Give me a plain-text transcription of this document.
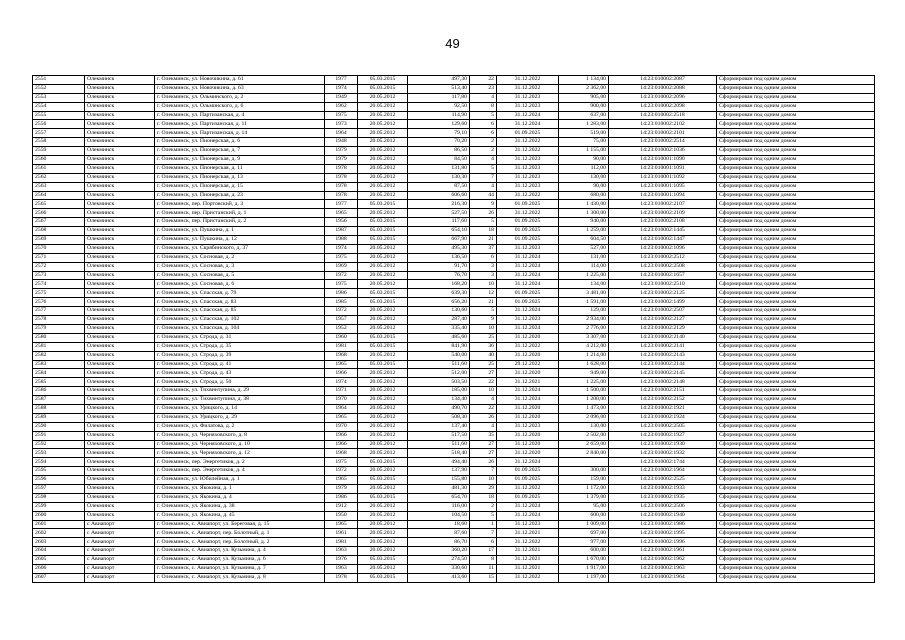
49
2551	Олекминск	г. Олекминск, ул. Новочикина, д. 61	1977	05.03.2015	497,30	22	31.12.2022	1 134,00	14:23:010002:2087	Сформирован под одним домом
2552	Олекминск	г. Олекминск, ул. Новочикина, д. 63	1974	05.03.2015	513,40	23	31.12.2022	2 362,00	14:23:010002:2088	Сформирован под одним домом
2553	Олекминск	г. Олекминск, ул. Ольминского, д. 2	1949	20.05.2012	117,80	4	31.12.2023	905,00	14:23:010002:2096	Сформирован под одним домом
2554	Олекминск	г. Олекминск, ул. Ольминского, д. 6	1962	20.05.2012	92,50	8	31.12.2023	900,00	14:23:010002:2098	Сформирован под одним домом
2555	Олекминск	г. Олекминск, ул. Партизанская, д. 4	1975	20.05.2012	114,90	5	31.12.2024	637,00	14:23:010002:2518	Сформирован под одним домом
2556	Олекминск	г. Олекминск, ул. Партизанская, д. 11	1973	20.05.2012	129,60	6	31.12.2024	1 283,00	14:23:010002:2102	Сформирован под одним домом
2557	Олекминск	г. Олекминск, ул. Партизанская, д. 14	1964	20.05.2012	79,10	6	01.09.2025	519,00	14:23:010002:2101	Сформирован под одним домом
2558	Олекминск	г. Олекминск, ул. Пионерская, д. 6	1948	20.05.2012	70,20	2	31.12.2022	75,00	14:23:010002:2514	Сформирован под одним домом
2559	Олекминск	г. Олекминск, ул. Пионерская, д. 7	1979	20.05.2012	86,50	2	31.12.2022	1 155,00	14:23:010002:1036	Сформирован под одним домом
2560	Олекминск	г. Олекминск, ул. Пионерская, д. 9	1979	20.05.2012	84,50	4	31.12.2023	90,00	14:23:010001:1090	Сформирован под одним домом
2561	Олекминск	г. Олекминск, ул. Пионерская, д. 11	1978	20.05.2012	131,80	5	31.12.2023	112,00	14:23:010001:1091	Сформирован под одним домом
2562	Олекминск	г. Олекминск, ул. Пионерская, д. 13	1978	20.05.2012	130,30	7	31.12.2023	130,00	14:23:010001:1092	Сформирован под одним домом
2563	Олекминск	г. Олекминск, ул. Пионерская, д. 15	1978	20.05.2012	87,50	4	31.12.2023	90,00	14:23:010001:1095	Сформирован под одним домом
2564	Олекминск	г. Олекминск, ул. Пионерская, д. 23	1978	20.05.2012	606,60	44	31.12.2022	680,00	14:23:010001:1094	Сформирован под одним домом
2565	Олекминск	г. Олекминск, пер. Портовский, д. 3	1977	05.03.2015	216,30	9	01.09.2025	1 430,00	14:23:010002:2107	Сформирован под одним домом
2566	Олекминск	г. Олекминск, пер. Пристанский, д. 1	1965	20.05.2012	527,50	26	31.12.2022	1 300,00	14:23:010002:2109	Сформирован под одним домом
2567	Олекминск	г. Олекминск, пер. Пристанский, д. 2	1956	05.03.2015	117,60	5	01.09.2025	940,00	14:23:010002:2108	Сформирован под одним домом
2568	Олекминск	г. Олекминск, ул. Пушкина, д. 1	1987	05.03.2015	654,10	18	01.09.2025	1 259,00	14:23:010002:1445	Сформирован под одним домом
2569	Олекминск	г. Олекминск, ул. Пушкина, д. 12	1988	05.03.2015	667,90	21	01.09.2025	604,50	14:23:010002:1447	Сформирован под одним домом
2570	Олекминск	г. Олекминск, ул. Скрябинского, д. 37	1974	20.05.2012	495,30	37	31.12.2023	527,00	14:23:010002:1096	Сформирован под одним домом
2571	Олекминск	г. Олекминск, ул. Сосновая, д. 2	1975	20.05.2012	136,50	6	31.12.2024	131,00	14:23:010002:2512	Сформирован под одним домом
2572	Олекминск	г. Олекминск, ул. Сосновая, д. 3	1969	20.05.2012	91,70	3	31.12.2024	114,00	14:23:010002:2508	Сформирован под одним домом
2573	Олекминск	г. Олекминск, ул. Сосновая, д. 5	1972	20.05.2012	76,70	3	31.12.2024	1 225,00	14:23:010002:1657	Сформирован под одним домом
2574	Олекминск	г. Олекминск, ул. Сосновая, д. 6	1975	20.05.2012	168,20	10	31.12.2024	134,00	14:23:010002:2510	Сформирован под одним домом
2575	Олекминск	г. Олекминск, ул. Спасская, д. 79	1986	05.03.2015	639,30	12	01.09.2025	3 481,00	14:23:010002:2125	Сформирован под одним домом
2576	Олекминск	г. Олекминск, ул. Спасская, д. 83	1985	05.03.2015	656,20	21	01.09.2025	1 591,00	14:23:010002:1499	Сформирован под одним домом
2577	Олекминск	г. Олекминск, ул. Спасская, д. 85	1972	20.05.2012	130,60	5	31.12.2024	129,00	14:23:010002:2507	Сформирован под одним домом
2578	Олекминск	г. Олекминск, ул. Спасская, д. 102	1957	20.05.2012	287,40	9	31.12.2023	2 934,00	14:23:010002:2127	Сформирован под одним домом
2579	Олекминск	г. Олекминск, ул. Спасская, д. 104	1952	20.05.2012	335,40	10	31.12.2024	2 776,00	14:23:010002:2129	Сформирован под одним домом
2580	Олекминск	г. Олекминск, ул. Строда, д. 31	1960	05.03.2015	485,60	25	31.12.2020	3 307,00	14:23:010002:2140	Сформирован под одним домом
2581	Олекминск	г. Олекминск, ул. Строда, д. 35	1981	05.03.2015	841,90	36	31.12.2022	4 212,00	14:23:010002:2141	Сформирован под одним домом
2582	Олекминск	г. Олекминск, ул. Строда, д. 39	1968	20.05.2012	540,00	40	31.12.2020	1 214,00	14:23:010002:2143	Сформирован под одним домом
2583	Олекминск	г. Олекминск, ул. Строда, д. 41	1965	05.03.2015	511,60	25	29.12.2022	1 628,00	14:23:010002:2144	Сформирован под одним домом
2584	Олекминск	г. Олекминск, ул. Строда, д. 43	1966	20.05.2012	512,00	27	31.12.2020	949,00	14:23:010002:2145	Сформирован под одним домом
2585	Олекминск	г. Олекминск, ул. Строда, д. 50	1974	20.05.2012	503,50	22	31.12.2021	1 225,00	14:23:010002:2148	Сформирован под одним домом
2586	Олекминск	г. Олекминск, ул. Тихвинтупина, д. 29	1971	20.05.2012	185,00	10	31.12.2024	1 500,00	14:23:010002:2151	Сформирован под одним домом
2587	Олекминск	г. Олекминск, ул. Тихвинтупина, д. 38	1970	20.05.2012	134,40	4	31.12.2024	1 200,00	14:23:010002:2152	Сформирован под одним домом
2588	Олекминск	г. Олекминск, ул. Урицкого, д. 14	1964	20.05.2012	490,70	22	31.12.2020	1 473,00	14:23:010002:1921	Сформирован под одним домом
2589	Олекминск	г. Олекминск, ул. Урицкого, д. 29	1965	20.05.2012	508,30	26	31.12.2020	2 096,00	14:23:010002:1924	Сформирован под одним домом
2590	Олекминск	г. Олекминск, ул. Филатова, д. 2	1970	20.05.2012	137,40	4	31.12.2023	130,00	14:23:010002:2505	Сформирован под одним домом
2591	Олекминск	г. Олекминск, ул. Черняховского, д. 8	1966	20.05.2012	517,50	35	31.12.2020	2 502,00	14:23:010002:1927	Сформирован под одним домом
2592	Олекминск	г. Олекминск, ул. Черняховского, д. 10	1966	20.05.2012	511,60	27	31.12.2020	2 659,00	14:23:010002:1930	Сформирован под одним домом
2593	Олекминск	г. Олекминск, ул. Черняховского, д. 12	1968	20.05.2012	518,40	27	31.12.2020	2 840,00	14:23:010002:1932	Сформирован под одним домом
2594	Олекминск	г. Олекминск, пер. Энергетиков, д. 2	1975	05.03.2015	494,40	26	31.12.2024		14:23:010002:1744	Сформирован под одним домом
2595	Олекминск	г. Олекминск, пер. Энергетиков, д. 4	1972	20.05.2012	137,90	7	01.09.2025	300,00	14:23:010002:1964	Сформирован под одним домом
2596	Олекминск	г. Олекминск, ул. Юбилейная, д. 1	1965	05.03.2015	155,80	10	01.09.2025	159,00	14:23:010002:2525	Сформирован под одним домом
2597	Олекминск	г. Олекминск, ул. Якокина, д. 1	1979	20.05.2012	481,30	29	31.12.2022	1 172,00	14:23:010002:1933	Сформирован под одним домом
2598	Олекминск	г. Олекминск, ул. Якокина, д. 4	1986	05.03.2015	654,70	18	01.09.2025	1 379,00	14:23:010002:1935	Сформирован под одним домом
2599	Олекминск	г. Олекминск, ул. Якокина, д. 38	1912	20.05.2012	116,00	2	31.12.2024	95,00	14:23:010002:2506	Сформирован под одним домом
2600	Олекминск	г. Олекминск, ул. Якокина, д. 45	1950	20.05.2012	104,50	5	31.12.2024	600,00	14:23:010002:1940	Сформирован под одним домом
2601	с Авиапорт	г. Олекминск, с. Авиапорт, ул. Береговая, д. 15	1965	20.05.2012	18,60	1	31.12.2023	1 009,00	14:23:010002:1986	Сформирован под одним домом
2602	с Авиапорт	г. Олекминск, с. Авиапорт, пер. Болотный, д. 1	1961	20.05.2012	87,60	7	31.12.2021	697,00	14:23:010002:1995	Сформирован под одним домом
2603	с Авиапорт	г. Олекминск, с. Авиапорт, пер. Болотный, д. 2	1981	20.05.2012	86,70	6	31.12.2022	977,00	14:23:010002:1996	Сформирован под одним домом
2604	с Авиапорт	г. Олекминск, с. Авиапорт, ул. Кузьмина, д. 4	1963	20.05.2012	360,20	17	31.12.2021	600,00	14:23:010002:1961	Сформирован под одним домом
2605	с Авиапорт	г. Олекминск, с. Авиапорт, ул. Кузьмина, д. 6	1976	05.03.2015	274,50	8	31.12.2021	1 670,00	14:23:010002:1962	Сформирован под одним домом
2606	с Авиапорт	г. Олекминск, с. Авиапорт, ул. Кузьмина, д. 7	1963	20.05.2012	330,60	11	31.12.2021	1 917,00	14:23:010002:1963	Сформирован под одним домом
2607	с Авиапорт	г. Олекминск, с. Авиапорт, ул. Кузьмина, д. 8	1978	05.03.2015	413,60	15	31.12.2022	1 197,00	14:23:010002:1964	Сформирован под одним домом
